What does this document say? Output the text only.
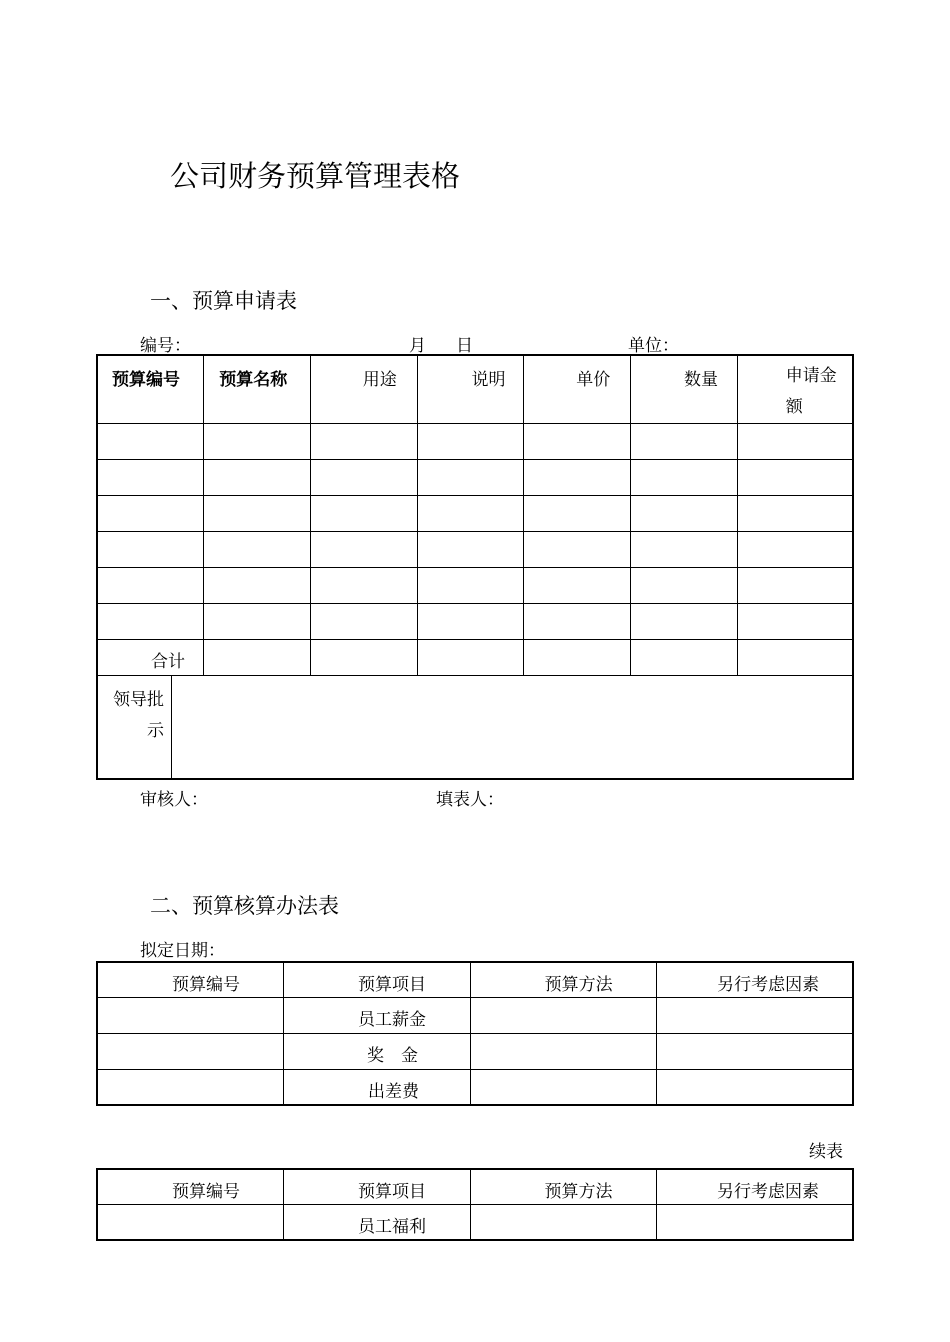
公司财务预算管理表格
一、预算申请表
编号：	月 日	单位：
预算编号	预算名称	用途	说明	单价	数量	申请金额

合计						

领导批示						
审核人：	填表人：
二、预算核算办法表
拟定日期：
预算编号	预算项目	预算方法	另行考虑因素

	员工薪金		

	奖　金		

	出差费		

续表
预算编号	预算项目	预算方法	另行考虑因素

	员工福利		
